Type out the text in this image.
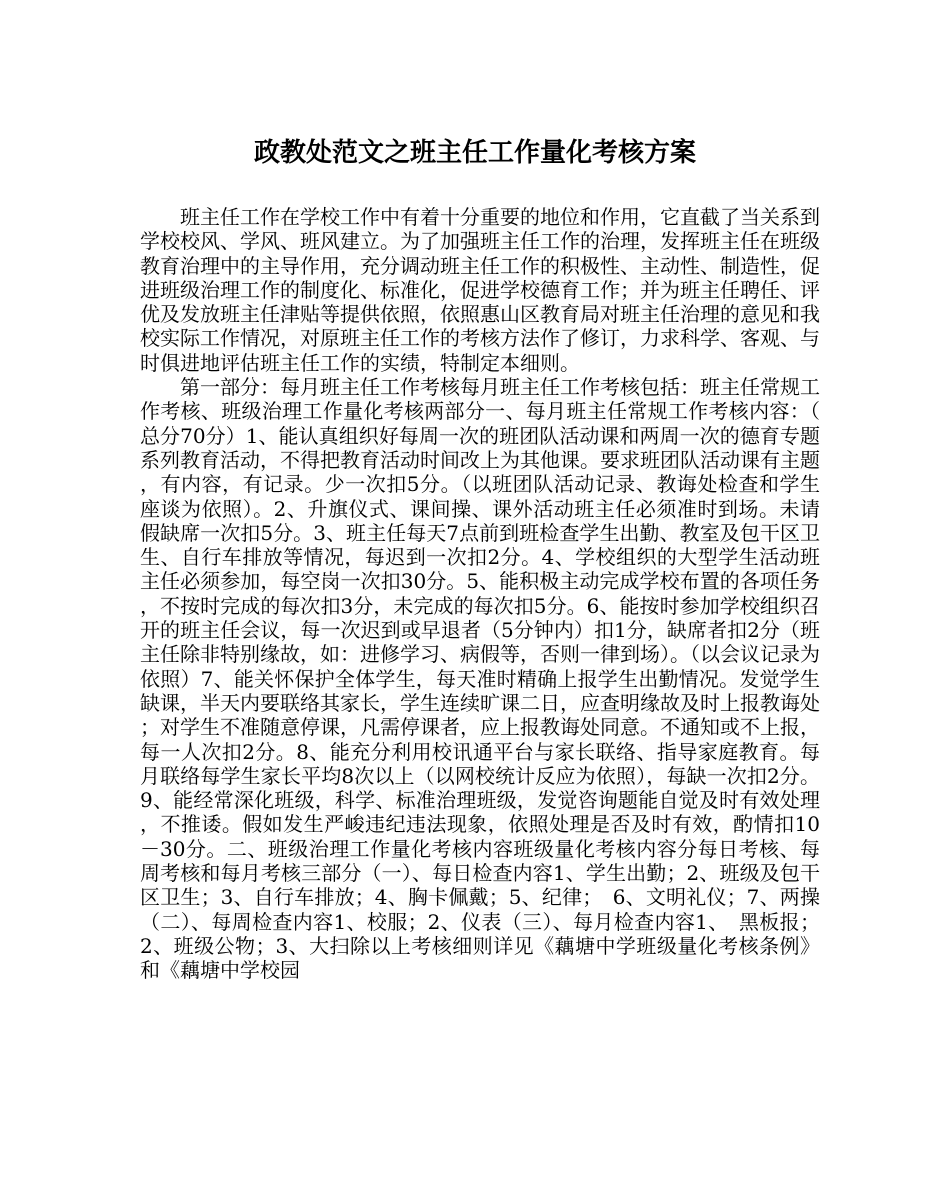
政教处范文之班主任工作量化考核方案

班主任工作在学校工作中有着十分重要的地位和作用，它直截了当关系到学校校风、学风、班风建立。为了加强班主任工作的治理，发挥班主任在班级教育治理中的主导作用，充分调动班主任工作的积极性、主动性、制造性，促进班级治理工作的制度化、标准化，促进学校德育工作；并为班主任聘任、评优及发放班主任津贴等提供依照，依照惠山区教育局对班主任治理的意见和我校实际工作情况，对原班主任工作的考核方法作了修订，力求科学、客观、与时俱进地评估班主任工作的实绩，特制定本细则。

第一部分：每月班主任工作考核每月班主任工作考核包括：班主任常规工作考核、班级治理工作量化考核两部分一、每月班主任常规工作考核内容：（总分70分）1、能认真组织好每周一次的班团队活动课和两周一次的德育专题系列教育活动，不得把教育活动时间改上为其他课。要求班团队活动课有主题，有内容，有记录。少一次扣5分。（以班团队活动记录、教诲处检查和学生座谈为依照）。2、升旗仪式、课间操、课外活动班主任必须准时到场。未请假缺席一次扣5分。3、班主任每天7点前到班检查学生出勤、教室及包干区卫生、自行车排放等情况，每迟到一次扣2分。4、学校组织的大型学生活动班主任必须参加，每空岗一次扣30分。5、能积极主动完成学校布置的各项任务，不按时完成的每次扣3分，未完成的每次扣5分。6、能按时参加学校组织召开的班主任会议，每一次迟到或早退者（5分钟内）扣1分，缺席者扣2分（班主任除非特别缘故，如：进修学习、病假等，否则一律到场）。（以会议记录为依照）7、能关怀保护全体学生，每天准时精确上报学生出勤情况。发觉学生缺课，半天内要联络其家长，学生连续旷课二日，应查明缘故及时上报教诲处；对学生不准随意停课，凡需停课者，应上报教诲处同意。不通知或不上报，每一人次扣2分。8、能充分利用校讯通平台与家长联络、指导家庭教育。每月联络每学生家长平均8次以上（以网校统计反应为依照），每缺一次扣2分。9、能经常深化班级，科学、标准治理班级，发觉咨询题能自觉及时有效处理，不推诿。假如发生严峻违纪违法现象，依照处理是否及时有效，酌情扣10－30分。二、班级治理工作量化考核内容班级量化考核内容分每日考核、每周考核和每月考核三部分（一）、每日检查内容1、学生出勤；2、班级及包干区卫生；3、自行车排放；4、胸卡佩戴；5、纪律；　6、文明礼仪；7、两操（二）、每周检查内容1、校服；2、仪表（三）、每月检查内容1、　黑板报；2、班级公物；3、大扫除以上考核细则详见《藕塘中学班级量化考核条例》和《藕塘中学校园
